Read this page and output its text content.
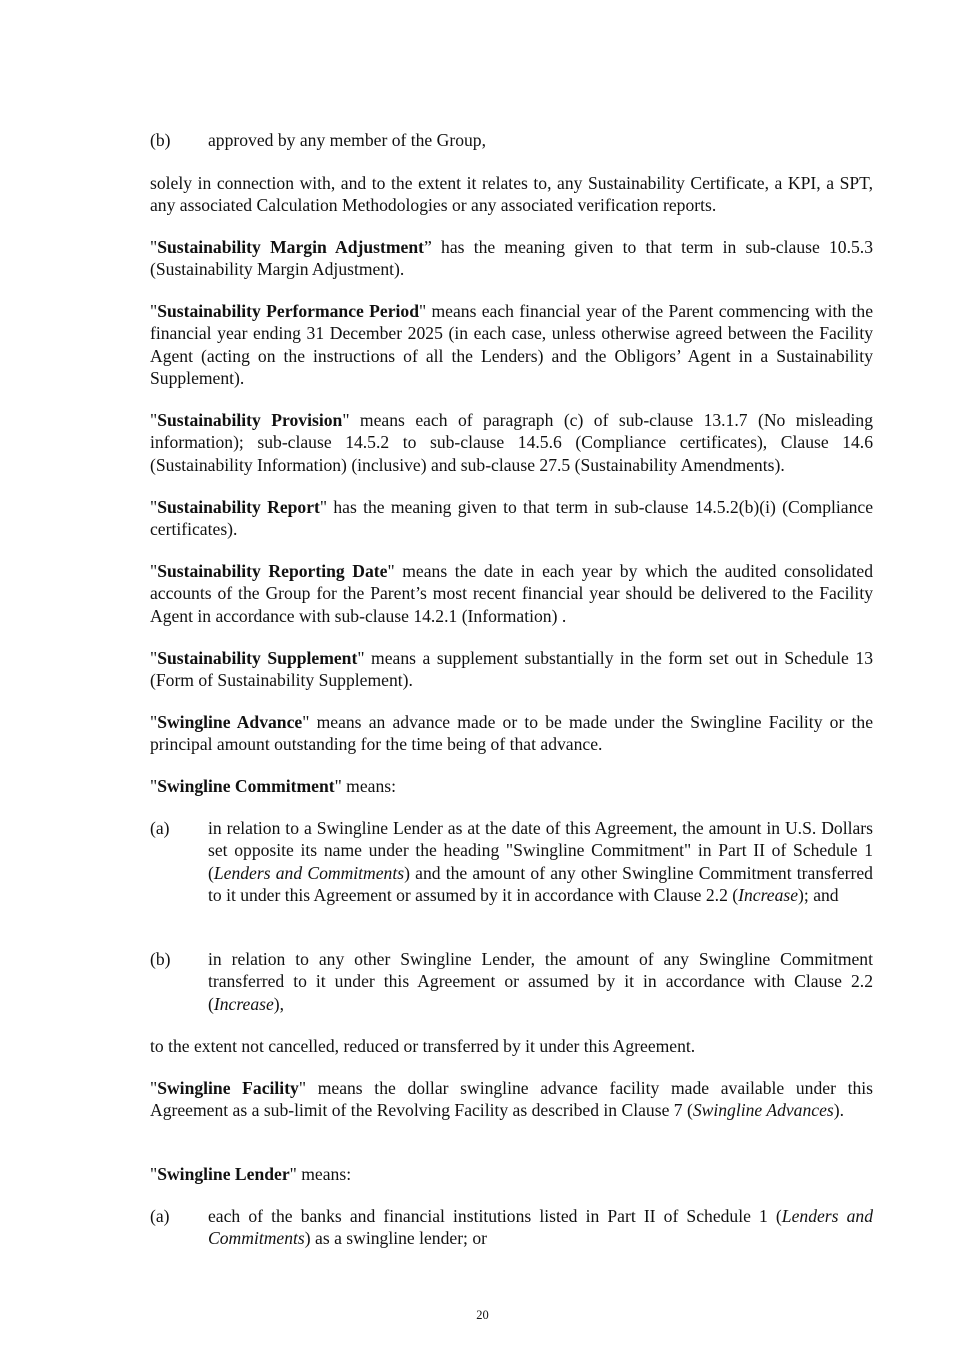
(b)	approved by any member of the Group,

solely in connection with, and to the extent it relates to, any Sustainability Certificate, a KPI, a SPT, any associated Calculation Methodologies or any associated verification reports.

"Sustainability Margin Adjustment” has the meaning given to that term in sub-clause 10.5.3 (Sustainability Margin Adjustment).

"Sustainability Performance Period" means each financial year of the Parent commencing with the financial year ending 31 December 2025 (in each case, unless otherwise agreed between the Facility Agent (acting on the instructions of all the Lenders) and the Obligors’ Agent in a Sustainability Supplement).

"Sustainability Provision" means each of paragraph (c) of sub-clause 13.1.7 (No misleading information); sub-clause 14.5.2 to sub-clause 14.5.6 (Compliance certificates), Clause 14.6 (Sustainability Information) (inclusive) and sub-clause 27.5 (Sustainability Amendments).

"Sustainability Report" has the meaning given to that term in sub-clause 14.5.2(b)(i) (Compliance certificates).

"Sustainability Reporting Date" means the date in each year by which the audited consolidated accounts of the Group for the Parent’s most recent financial year should be delivered to the Facility Agent in accordance with sub-clause 14.2.1 (Information) .

"Sustainability Supplement" means a supplement substantially in the form set out in Schedule 13 (Form of Sustainability Supplement).

"Swingline Advance" means an advance made or to be made under the Swingline Facility or the principal amount outstanding for the time being of that advance.

"Swingline Commitment" means:

(a)	in relation to a Swingline Lender as at the date of this Agreement, the amount in U.S. Dollars set opposite its name under the heading "Swingline Commitment" in Part II of Schedule 1 (Lenders and Commitments) and the amount of any other Swingline Commitment transferred to it under this Agreement or assumed by it in accordance with Clause 2.2 (Increase); and
(b)	in relation to any other Swingline Lender, the amount of any Swingline Commitment transferred to it under this Agreement or assumed by it in accordance with Clause 2.2 (Increase),

to the extent not cancelled, reduced or transferred by it under this Agreement.

"Swingline Facility" means the dollar swingline advance facility made available under this Agreement as a sub-limit of the Revolving Facility as described in Clause 7 (Swingline Advances).

"Swingline Lender" means:

(a)	each of the banks and financial institutions listed in Part II of Schedule 1 (Lenders and Commitments) as a swingline lender; or
20
